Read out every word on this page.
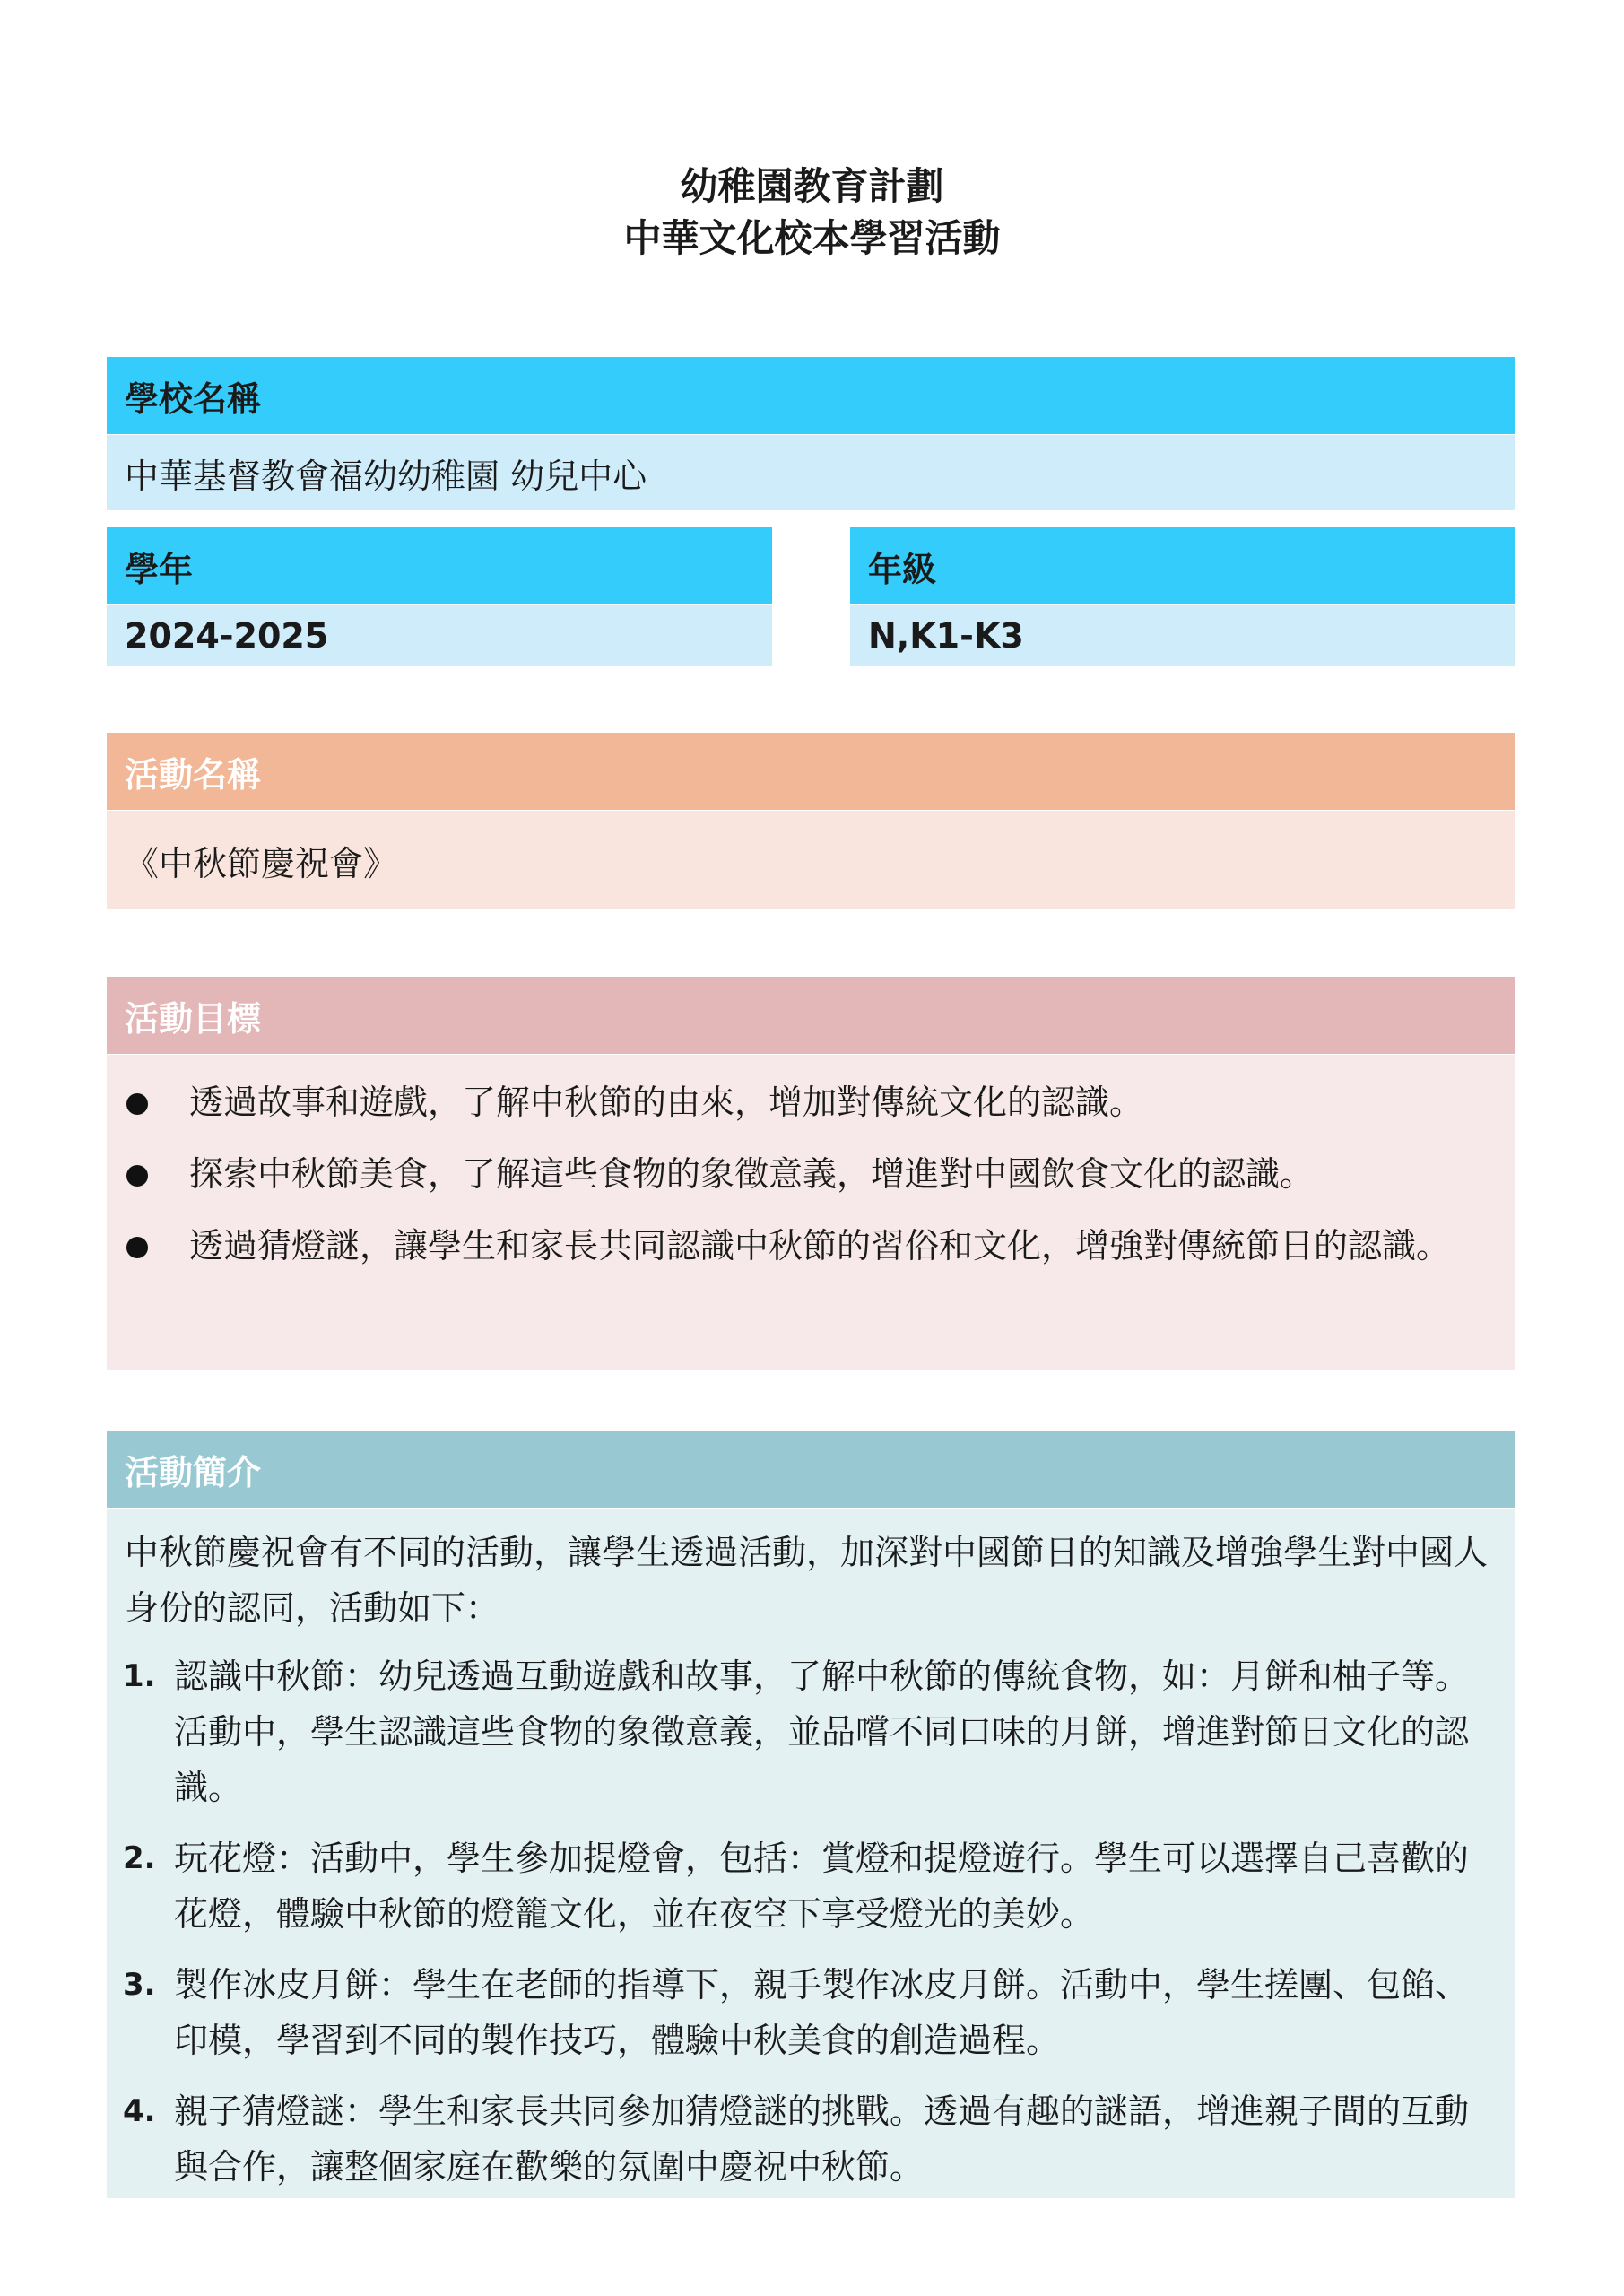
幼稚園教育計劃
中華文化校本學習活動
學校名稱
中華基督教會福幼幼稚園 幼兒中心
學年
2024-2025
年級
N,K1-K3
活動名稱
《中秋節慶祝會》
活動目標
透過故事和遊戲，了解中秋節的由來，增加對傳統文化的認識。
探索中秋節美食，了解這些食物的象徵意義，增進對中國飲食文化的認識。
透過猜燈謎，讓學生和家長共同認識中秋節的習俗和文化，增強對傳統節日的認識。
活動簡介

中秋節慶祝會有不同的活動，讓學生透過活動，加深對中國節日的知識及增強學生對中國人身份的認同，活動如下：

1. 認識中秋節：幼兒透過互動遊戲和故事，了解中秋節的傳統食物，如：月餅和柚子等。活動中，學生認識這些食物的象徵意義，並品嚐不同口味的月餅，增進對節日文化的認識。
2. 玩花燈：活動中，學生參加提燈會，包括：賞燈和提燈遊行。學生可以選擇自己喜歡的花燈，體驗中秋節的燈籠文化，並在夜空下享受燈光的美妙。
3. 製作冰皮月餅：學生在老師的指導下，親手製作冰皮月餅。活動中，學生搓團、包餡、印模，學習到不同的製作技巧，體驗中秋美食的創造過程。
4. 親子猜燈謎：學生和家長共同參加猜燈謎的挑戰。透過有趣的謎語，增進親子間的互動與合作，讓整個家庭在歡樂的氛圍中慶祝中秋節。
